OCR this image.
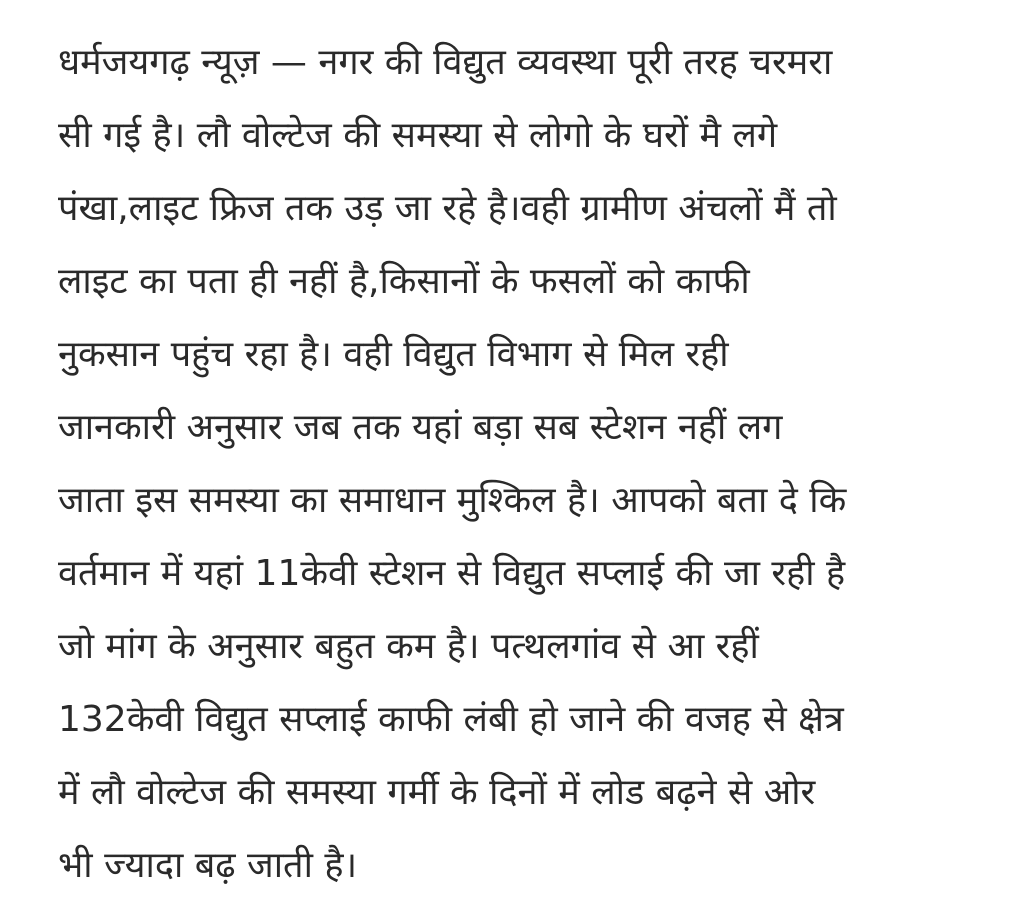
धर्मजयगढ़ न्यूज़ — नगर की विद्युत व्यवस्था पूरी तरह चरमरा
सी गई है। लौ वोल्टेज की समस्या से लोगो के घरों मै लगे
पंखा,लाइट फ्रिज तक उड़ जा रहे है।वही ग्रामीण अंचलों मैं तो
लाइट का पता ही नहीं है,किसानों के फसलों को काफी
नुकसान पहुंच रहा है। वही विद्युत विभाग से मिल रही
जानकारी अनुसार जब तक यहां बड़ा सब स्टेशन नहीं लग
जाता इस समस्या का समाधान मुश्किल है। आपको बता दे कि
वर्तमान में यहां 11केवी स्टेशन से विद्युत सप्लाई की जा रही है
जो मांग के अनुसार बहुत कम है। पत्थलगांव से आ रहीं
132केवी विद्युत सप्लाई काफी लंबी हो जाने की वजह से क्षेत्र
में लौ वोल्टेज की समस्या गर्मी के दिनों में लोड बढ़ने से ओर
भी ज्यादा बढ़ जाती है।
